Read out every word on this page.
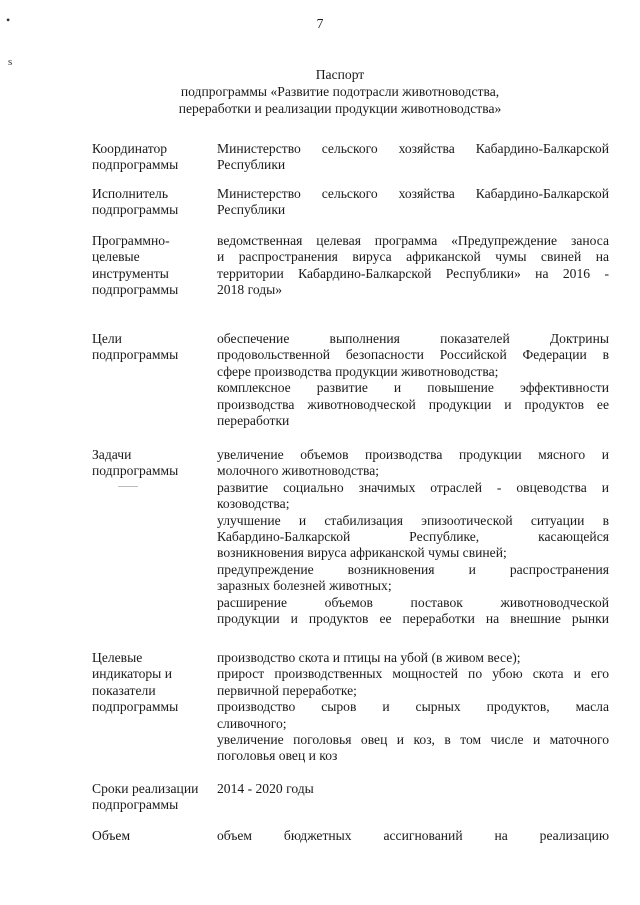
7
•
s
Паспорт
подпрограммы «Развитие подотрасли животноводства,
переработки и реализации продукции животноводства»
Координатор
подпрограммы
Министерство сельского хозяйства Кабардино-Балкарской
Республики
Исполнитель
подпрограммы
Министерство сельского хозяйства Кабардино-Балкарской
Республики
Программно-
целевые
инструменты
подпрограммы
ведомственная целевая программа «Предупреждение заноса
и распространения вируса африканской чумы свиней на
территории Кабардино-Балкарской Республики» на 2016 -
2018 годы»
Цели
подпрограммы
обеспечение выполнения показателей Доктрины
продовольственной безопасности Российской Федерации в
сфере производства продукции животноводства;
комплексное развитие и повышение эффективности
производства животноводческой продукции и продуктов ее
переработки
Задачи
подпрограммы
увеличение объемов производства продукции мясного и
молочного животноводства;
развитие социально значимых отраслей - овцеводства и
козоводства;
улучшение и стабилизация эпизоотической ситуации в
Кабардино-Балкарской Республике, касающейся
возникновения вируса африканской чумы свиней;
предупреждение возникновения и распространения
заразных болезней животных;
расширение объемов поставок животноводческой
продукции и продуктов ее переработки на внешние рынки
Целевые
индикаторы и
показатели
подпрограммы
производство скота и птицы на убой (в живом весе);
прирост производственных мощностей по убою скота и его
первичной переработке;
производство сыров и сырных продуктов, масла
сливочного;
увеличение поголовья овец и коз, в том числе и маточного
поголовья овец и коз
Сроки реализации
подпрограммы
2014 - 2020 годы
Объем	объем бюджетных ассигнований на реализацию
